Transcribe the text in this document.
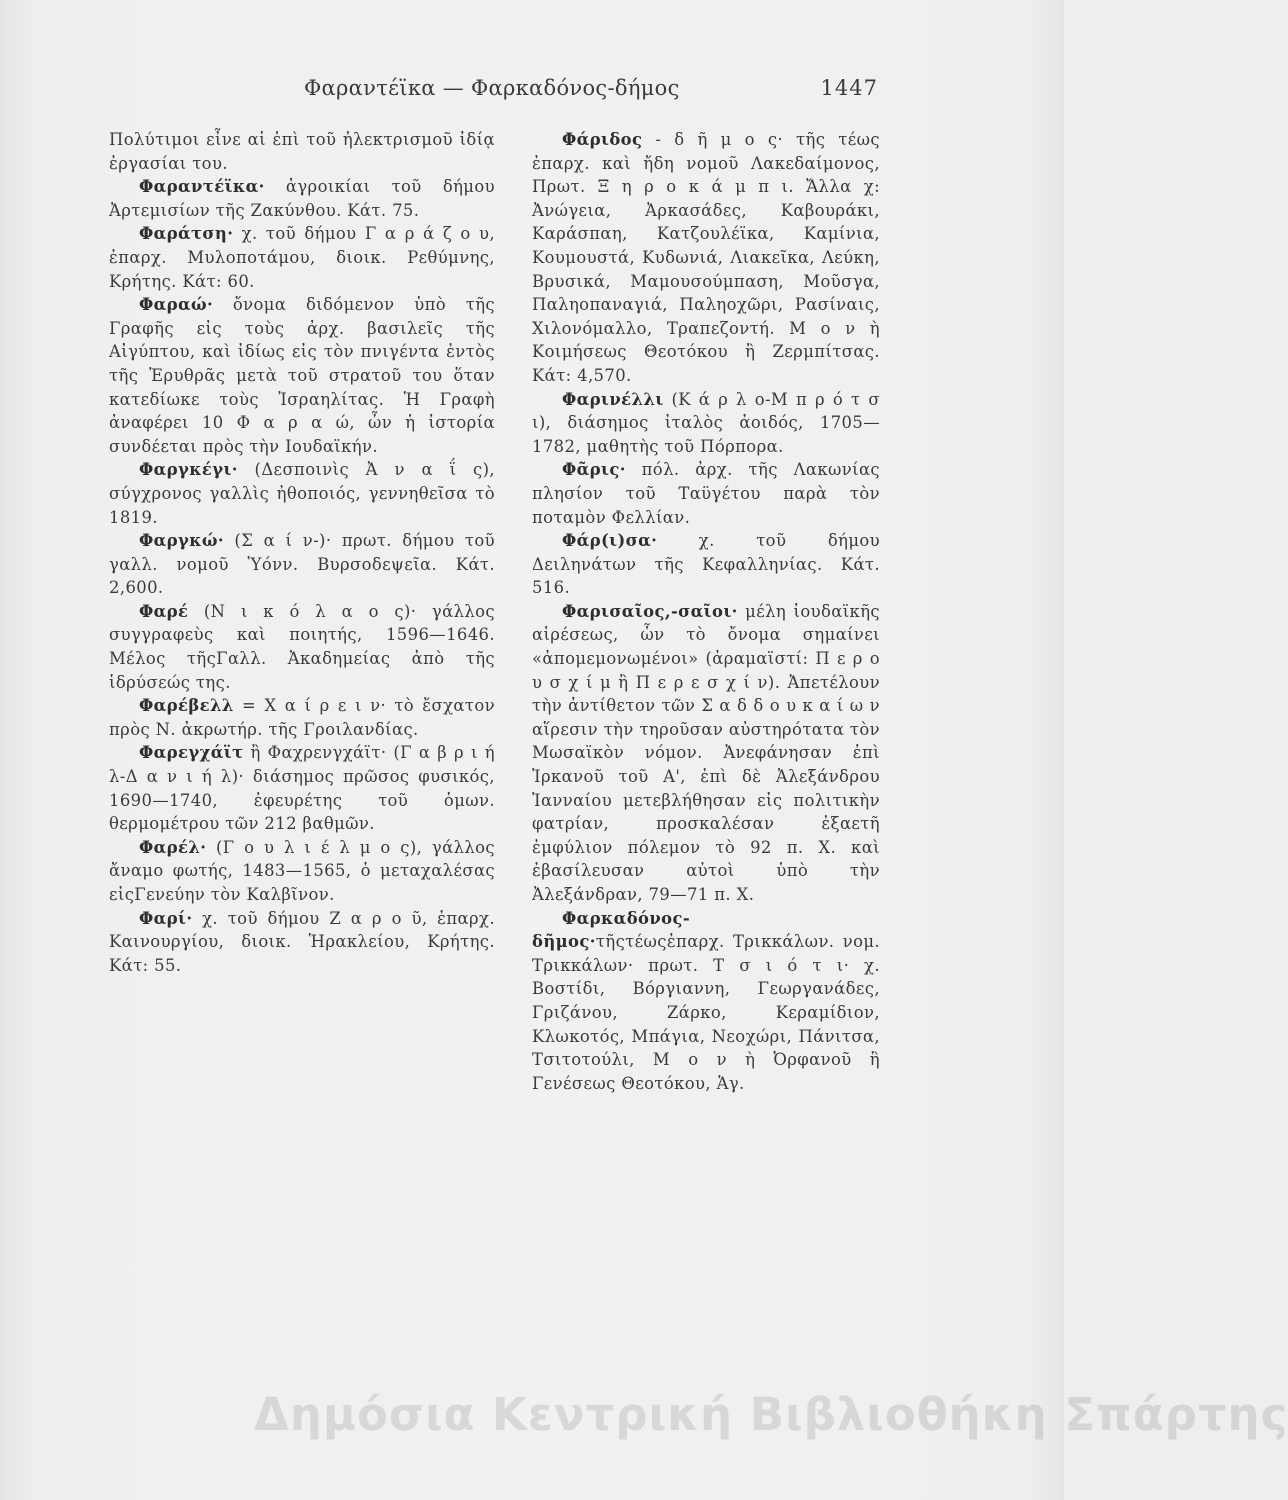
Φαραντέϊκα — Φαρκαδόνος-δήμος	1447

Πολύτιμοι εἶνε αἱ ἐπὶ τοῦ ἠλεκτρισμοῦ ἰδίᾳ ἐργασίαι του.

Φαραντέϊκα· ἀγροικίαι τοῦ δήμου Ἀρτεμισίων τῆς Ζακύνθου. Κάτ. 75.

Φαράτση· χ. τοῦ δήμου Γ α ρ ά ζ ο υ, ἐπαρχ. Μυλοποτάμου, διοικ. Ρεθύμνης, Κρήτης. Κάτ: 60.

Φαραώ· ὄνομα διδόμενον ὑπὸ τῆς Γραφῆς εἰς τοὺς ἀρχ. βασιλεῖς τῆς Αἰγύπτου, καὶ ἰδίως εἰς τὸν πνιγέντα ἐντὸς τῆς Ἐρυθρᾶς μετὰ τοῦ στρατοῦ του ὅταν κατεδίωκε τοὺς Ἰσραηλίτας. Ἡ Γραφὴ ἀναφέρει 10 Φ α ρ α ώ, ὧν ἡ ἱστορία συνδέεται πρὸς τὴν Ιουδαϊκήν.

Φαργκέγι· (Δεσποινὶς Ἀ ν α ΐ ς), σύγχρονος γαλλὶς ἠθοποιός, γεννηθεῖσα τὸ 1819.

Φαργκώ· (Σ α ί ν-)· πρωτ. δήμου τοῦ γαλλ. νομοῦ Ὑόνν. Βυρσοδεψεῖα. Κάτ. 2,600.

Φαρέ (Ν ι κ ό λ α ο ς)· γάλλος συγγραφεὺς καὶ ποιητής, 1596—1646. Μέλος τῆςΓαλλ. Ἀκαδημείας ἀπὸ τῆς ἱδρύσεώς της.

Φαρέβελλ = Χ α ί ρ ε ι ν· τὸ ἔσχατον πρὸς Ν. ἀκρωτήρ. τῆς Γροιλανδίας.

Φαρεγχάϊτ ἢ Φαχρενγχάϊτ· (Γ α β ρ ι ή λ-Δ α ν ι ή λ)· διάσημος πρῶσος φυσικός, 1690—1740, ἐφευρέτης τοῦ ὁμων. θερμομέτρου τῶν 212 βαθμῶν.

Φαρέλ· (Γ ο υ λ ι έ λ μ ο ς), γάλλος ἄναμο φωτής, 1483—1565, ὁ μεταχαλέσας εἰςΓενεύην τὸν Καλβῖνον.

Φαρί· χ. τοῦ δήμου Ζ α ρ ο ῦ, ἐπαρχ. Καινουργίου, διοικ. Ἡρακλείου, Κρήτης. Κάτ: 55.

Φάριδος - δ ῆ μ ο ς· τῆς τέως ἐπαρχ. καὶ ἤδη νομοῦ Λακεδαίμονος, Πρωτ. Ξ η ρ ο κ ά μ π ι. Ἄλλα χ: Ἀνώγεια, Ἀρκασάδες, Καβουράκι, Καράσπαη, Κατζουλέϊκα, Καμίνια, Κουμουστά, Κυδωνιά, Λιακεῖκα, Λεύκη, Βρυσικά, Μαμουσούμπαση, Μοῦσγα, Παληοπαναγιά, Παληοχῶρι, Ρασίναις, Χιλονόμαλλο, Τραπεζοντή. Μ ο ν ὴ Κοιμήσεως Θεοτόκου ἢ Ζερμπίτσας. Κάτ: 4,570.

Φαρινέλλι (Κ ά ρ λ ο-Μ π ρ ό τ σ ι), διάσημος ἰταλὸς ἀοιδός, 1705—1782, μαθητὴς τοῦ Πόρπορα.

Φᾶρις· πόλ. ἀρχ. τῆς Λακωνίας πλησίον τοῦ Ταϋγέτου παρὰ τὸν ποταμὸν Φελλίαν.

Φάρ(ι)σα· χ. τοῦ δήμου Δειληνάτων τῆς Κεφαλληνίας. Κάτ. 516.

Φαρισαῖος,-σαῖοι· μέλη ἰουδαϊκῆς αἱρέσεως, ὧν τὸ ὄνομα σημαίνει «ἀπομεμονωμένοι» (ἀραμαϊστί: Π ε ρ ο υ σ χ ί μ ἢ Π ε ρ ε σ χ ί ν). Ἀπετέλουν τὴν ἀντίθετον τῶν Σ α δ δ ο υ κ α ί ω ν αἵρεσιν τὴν τηροῦσαν αὐστηρότατα τὸν Μωσαϊκὸν νόμον. Ἀνεφάνησαν ἐπὶ Ἰρκανοῦ τοῦ Α', ἐπὶ δὲ Ἀλεξάνδρου Ἰανναίου μετεβλήθησαν εἰς πολιτικὴν φατρίαν, προσκαλέσαν ἐξαετῆ ἐμφύλιον πόλεμον τὸ 92 π. Χ. καὶ ἐβασίλευσαν αὐτοὶ ὑπὸ τὴν Ἀλεξάνδραν, 79—71 π. Χ.

Φαρκαδόνος-δῆμος·τῆςτέωςἐπαρχ. Τρικκάλων. νομ. Τρικκάλων· πρωτ. Τ σ ι ό τ ι· χ. Βοστίδι, Βόργιαννη, Γεωργανάδες, Γριζάνου, Ζάρκο, Κεραμίδιον, Κλωκοτός, Μπάγια, Νεοχώρι, Πάνιτσα, Τσιτοτούλι, Μ ο ν ὴ Ὀρφανοῦ ἢ Γενέσεως Θεοτόκου, Ἁγ.

Δημόσια Κεντρική Βιβλιοθήκη Σπάρτης
